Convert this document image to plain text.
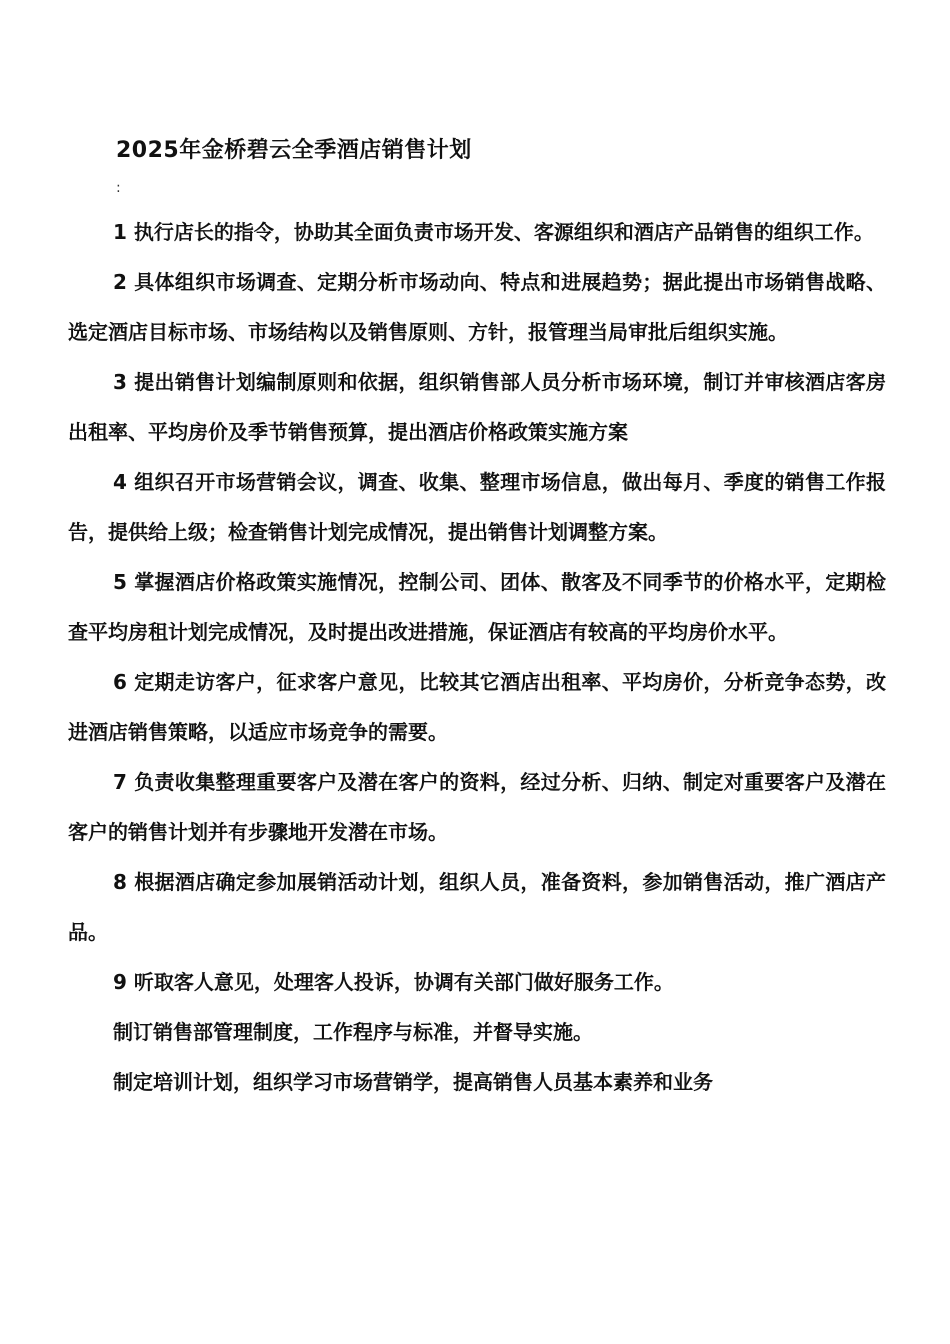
2025年金桥碧云全季酒店销售计划
:

1 执行店长的指令，协助其全面负责市场开发、客源组织和酒店产品销售的组织工作。

2 具体组织市场调查、定期分析市场动向、特点和进展趋势；据此提出市场销售战略、选定酒店目标市场、市场结构以及销售原则、方针，报管理当局审批后组织实施。

3 提出销售计划编制原则和依据，组织销售部人员分析市场环境，制订并审核酒店客房出租率、平均房价及季节销售预算，提出酒店价格政策实施方案

4 组织召开市场营销会议，调查、收集、整理市场信息，做出每月、季度的销售工作报告，提供给上级；检查销售计划完成情况，提出销售计划调整方案。

5 掌握酒店价格政策实施情况，控制公司、团体、散客及不同季节的价格水平，定期检查平均房租计划完成情况，及时提出改进措施，保证酒店有较高的平均房价水平。

6 定期走访客户，征求客户意见，比较其它酒店出租率、平均房价，分析竞争态势，改进酒店销售策略，以适应市场竞争的需要。

7 负责收集整理重要客户及潜在客户的资料，经过分析、归纳、制定对重要客户及潜在客户的销售计划并有步骤地开发潜在市场。

8 根据酒店确定参加展销活动计划，组织人员，准备资料，参加销售活动，推广酒店产品。

9 听取客人意见，处理客人投诉，协调有关部门做好服务工作。

制订销售部管理制度，工作程序与标准，并督导实施。

制定培训计划，组织学习市场营销学，提高销售人员基本素养和业务
